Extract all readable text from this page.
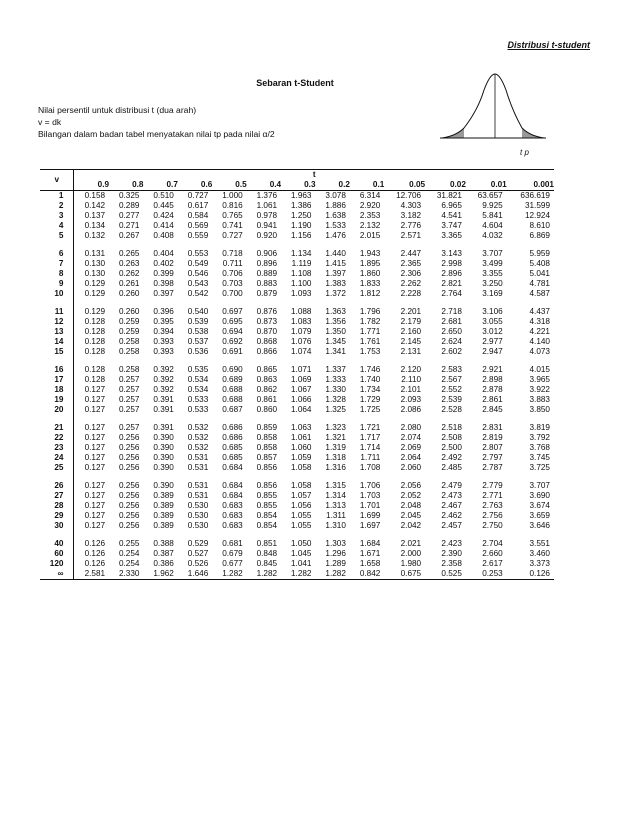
Distribusi t-student
Sebaran t-Student
Nilai persentil untuk distribusi t (dua arah)
v = dk
Bilangan dalam badan tabel menyatakan nilai tp pada nilai α/2
t p
v	t												
	0.9	0.8	0.7	0.6	0.5	0.4	0.3	0.2	0.1	0.05	0.02	0.01	0.001
1	0.158	0.325	0.510	0.727	1.000	1.376	1.963	3.078	6.314	12.706	31.821	63.657	636.619
2	0.142	0.289	0.445	0.617	0.816	1.061	1.386	1.886	2.920	4.303	6.965	9.925	31.599
3	0.137	0.277	0.424	0.584	0.765	0.978	1.250	1.638	2.353	3.182	4.541	5.841	12.924
4	0.134	0.271	0.414	0.569	0.741	0.941	1.190	1.533	2.132	2.776	3.747	4.604	8.610
5	0.132	0.267	0.408	0.559	0.727	0.920	1.156	1.476	2.015	2.571	3.365	4.032	6.869

6	0.131	0.265	0.404	0.553	0.718	0.906	1.134	1.440	1.943	2.447	3.143	3.707	5.959
7	0.130	0.263	0.402	0.549	0.711	0.896	1.119	1.415	1.895	2.365	2.998	3.499	5.408
8	0.130	0.262	0.399	0.546	0.706	0.889	1.108	1.397	1.860	2.306	2.896	3.355	5.041
9	0.129	0.261	0.398	0.543	0.703	0.883	1.100	1.383	1.833	2.262	2.821	3.250	4.781
10	0.129	0.260	0.397	0.542	0.700	0.879	1.093	1.372	1.812	2.228	2.764	3.169	4.587

11	0.129	0.260	0.396	0.540	0.697	0.876	1.088	1.363	1.796	2.201	2.718	3.106	4.437
12	0.128	0.259	0.395	0.539	0.695	0.873	1.083	1.356	1.782	2.179	2.681	3.055	4.318
13	0.128	0.259	0.394	0.538	0.694	0.870	1.079	1.350	1.771	2.160	2.650	3.012	4.221
14	0.128	0.258	0.393	0.537	0.692	0.868	1.076	1.345	1.761	2.145	2.624	2.977	4.140
15	0.128	0.258	0.393	0.536	0.691	0.866	1.074	1.341	1.753	2.131	2.602	2.947	4.073

16	0.128	0.258	0.392	0.535	0.690	0.865	1.071	1.337	1.746	2.120	2.583	2.921	4.015
17	0.128	0.257	0.392	0.534	0.689	0.863	1.069	1.333	1.740	2.110	2.567	2.898	3.965
18	0.127	0.257	0.392	0.534	0.688	0.862	1.067	1.330	1.734	2.101	2.552	2.878	3.922
19	0.127	0.257	0.391	0.533	0.688	0.861	1.066	1.328	1.729	2.093	2.539	2.861	3.883
20	0.127	0.257	0.391	0.533	0.687	0.860	1.064	1.325	1.725	2.086	2.528	2.845	3.850

21	0.127	0.257	0.391	0.532	0.686	0.859	1.063	1.323	1.721	2.080	2.518	2.831	3.819
22	0.127	0.256	0.390	0.532	0.686	0.858	1.061	1.321	1.717	2.074	2.508	2.819	3.792
23	0.127	0.256	0.390	0.532	0.685	0.858	1.060	1.319	1.714	2.069	2.500	2.807	3.768
24	0.127	0.256	0.390	0.531	0.685	0.857	1.059	1.318	1.711	2.064	2.492	2.797	3.745
25	0.127	0.256	0.390	0.531	0.684	0.856	1.058	1.316	1.708	2.060	2.485	2.787	3.725

26	0.127	0.256	0.390	0.531	0.684	0.856	1.058	1.315	1.706	2.056	2.479	2.779	3.707
27	0.127	0.256	0.389	0.531	0.684	0.855	1.057	1.314	1.703	2.052	2.473	2.771	3.690
28	0.127	0.256	0.389	0.530	0.683	0.855	1.056	1.313	1.701	2.048	2.467	2.763	3.674
29	0.127	0.256	0.389	0.530	0.683	0.854	1.055	1.311	1.699	2.045	2.462	2.756	3.659
30	0.127	0.256	0.389	0.530	0.683	0.854	1.055	1.310	1.697	2.042	2.457	2.750	3.646

40	0.126	0.255	0.388	0.529	0.681	0.851	1.050	1.303	1.684	2.021	2.423	2.704	3.551
60	0.126	0.254	0.387	0.527	0.679	0.848	1.045	1.296	1.671	2.000	2.390	2.660	3.460
120	0.126	0.254	0.386	0.526	0.677	0.845	1.041	1.289	1.658	1.980	2.358	2.617	3.373
∞	2.581	2.330	1.962	1.646	1.282	1.282	1.282	1.282	0.842	0.675	0.525	0.253	0.126
